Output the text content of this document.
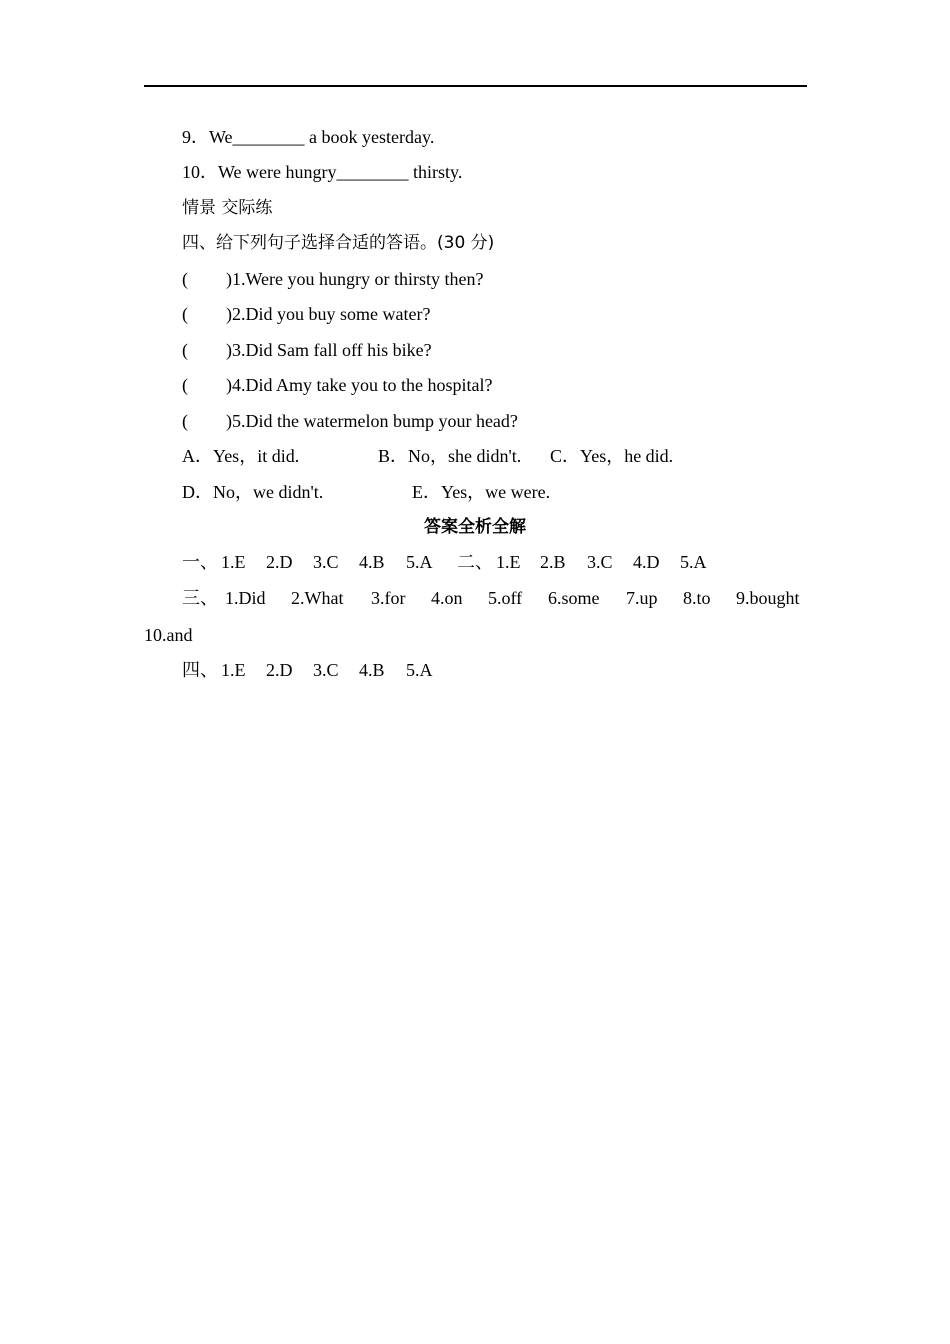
9．We________ a book yesterday.
10．We were hungry________ thirsty.
情景 交际练
四、给下列句子选择合适的答语。(30 分)
( )1.Were you hungry or thirsty then?
( )2.Did you buy some water?
( )3.Did Sam fall off his bike?
( )4.Did Amy take you to the hospital?
( )5.Did the watermelon bump your head?
A．Yes，it did.	B．No，she didn't. C．Yes，he did.
D．No，we didn't.	E．Yes，we were.
答案全析全解
一、 1.E 2.D 3.C 4.B 5.A 二、 1.E 2.B 3.C 4.D 5.A
三、 1.Did 2.What 3.for 4.on 5.off 6.some 7.up 8.to 9.bought
10.and
四、 1.E 2.D 3.C 4.B 5.A
